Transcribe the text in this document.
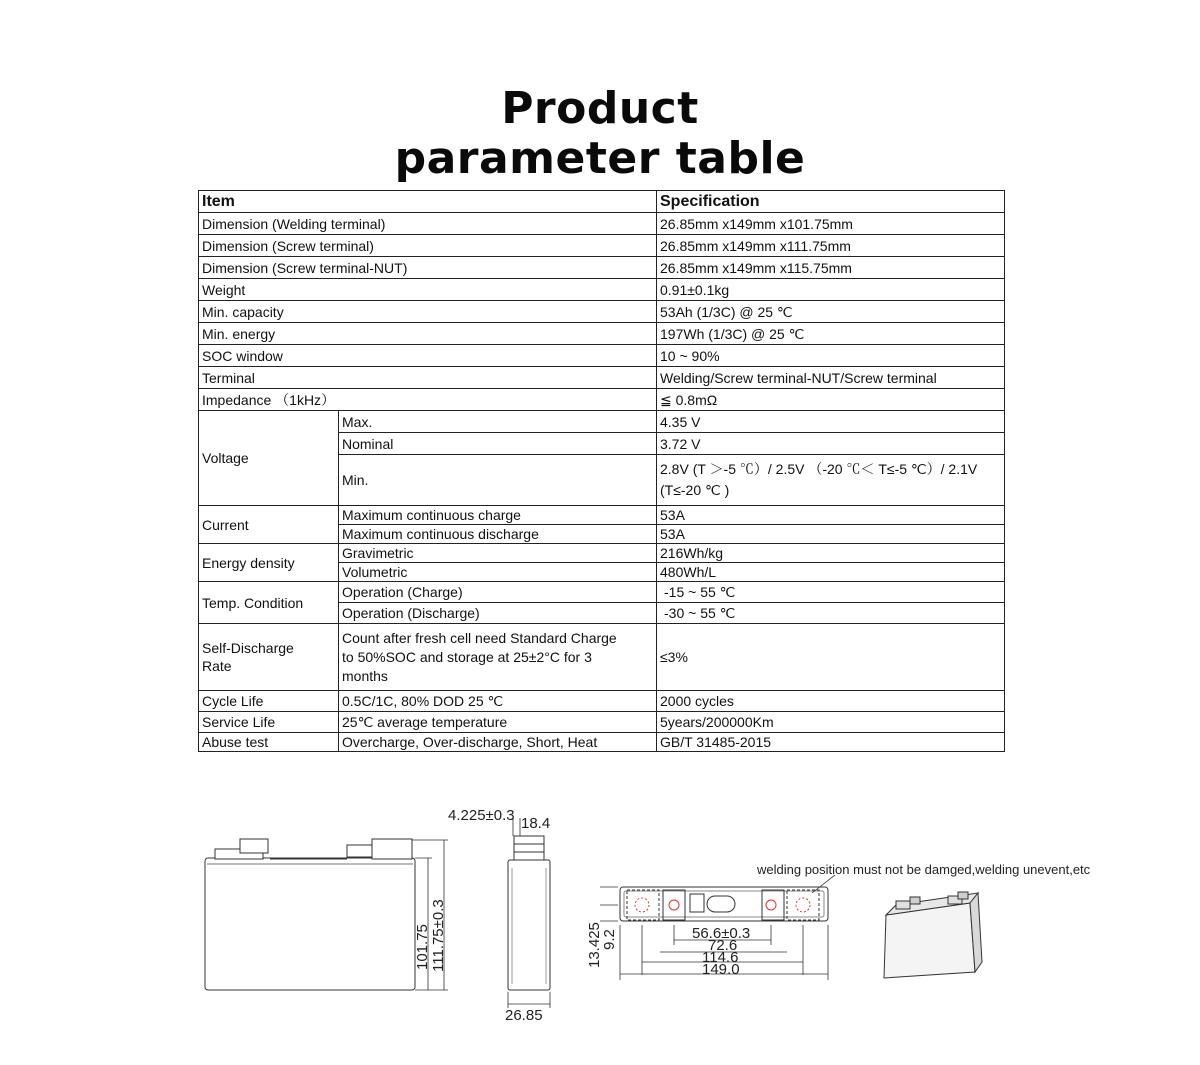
Product
parameter table
Item		Specification
Dimension (Welding terminal)		26.85mm x149mm x101.75mm
Dimension (Screw terminal)		26.85mm x149mm x111.75mm
Dimension (Screw terminal-NUT)		26.85mm x149mm x115.75mm
Weight		0.91±0.1kg
Min. capacity		53Ah (1/3C) @ 25 ℃
Min. energy		197Wh (1/3C) @ 25 ℃
SOC window		10 ~ 90%
Terminal		Welding/Screw terminal-NUT/Screw terminal
Impedance （1kHz）		≦ 0.8mΩ
Voltage	Max.	4.35 V
	Nominal	3.72 V
	Min.	2.8V (T ＞-5 ℃）/ 2.5V （-20 ℃＜ T≤-5 ℃）/ 2.1V (T≤-20 ℃ )
Current	Maximum continuous charge	53A
	Maximum continuous discharge	53A
Energy density	Gravimetric	216Wh/kg
	Volumetric	480Wh/L
Temp. Condition	Operation (Charge)	-15 ~ 55 ℃
	Operation (Discharge)	-30 ~ 55 ℃
Self-Discharge Rate	Count after fresh cell need Standard Charge to 50%SOC and storage at 25±2°C for 3 months	≤3%
Cycle Life	0.5C/1C, 80% DOD 25 ℃	2000 cycles
Service Life	25℃ average temperature	5years/200000Km
Abuse test	Overcharge, Over-discharge, Short, Heat	GB/T 31485-2015
101.75 111.75±0.3
4.225±0.3 18.4
26.85
13.425
9.2	56.6±0.3
72.6
114.6
149.0
welding position must not be damged,welding unevent,etc
